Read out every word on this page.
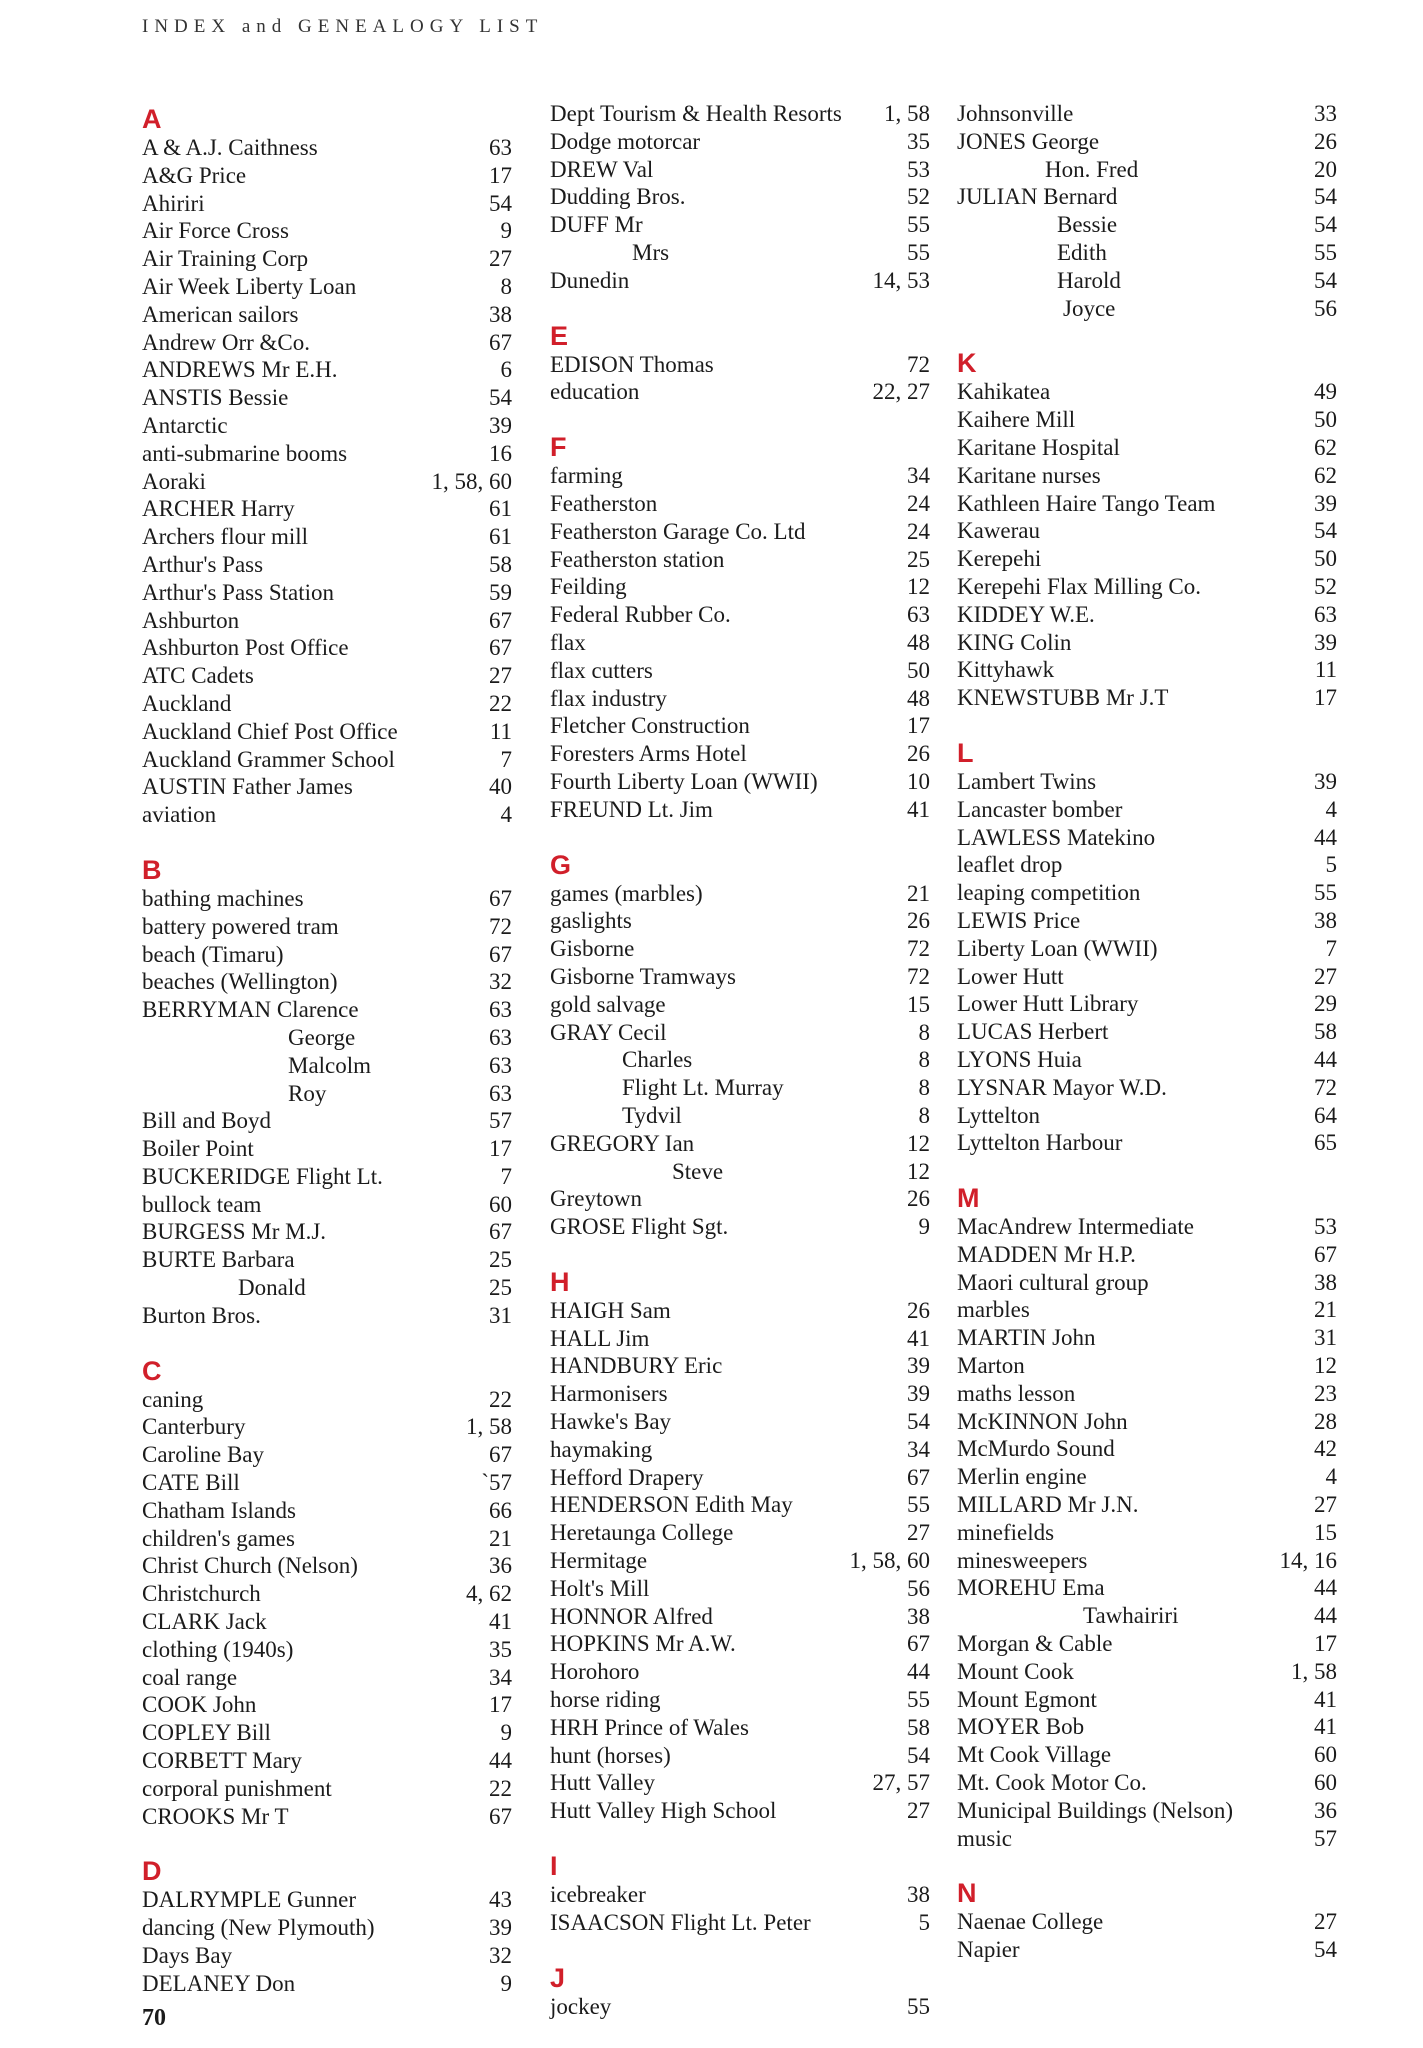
INDEX and GENEALOGY LIST
A
A & A.J. Caithness	63
A&G Price	17
Ahiriri	54
Air Force Cross	9
Air Training Corp	27
Air Week Liberty Loan	8
American sailors	38
Andrew Orr &Co.	67
ANDREWS Mr E.H.	6
ANSTIS Bessie	54
Antarctic	39
anti-submarine booms	16
Aoraki	1, 58, 60
ARCHER Harry	61
Archers flour mill	61
Arthur's Pass	58
Arthur's Pass Station	59
Ashburton	67
Ashburton Post Office	67
ATC Cadets	27
Auckland	22
Auckland Chief Post Office	11
Auckland Grammer School	7
AUSTIN Father James	40
aviation	4
B
bathing machines	67
battery powered tram	72
beach (Timaru)	67
beaches (Wellington)	32
BERRYMAN Clarence	63
George	63
Malcolm	63
Roy	63
Bill and Boyd	57
Boiler Point	17
BUCKERIDGE Flight Lt.	7
bullock team	60
BURGESS Mr M.J.	67
BURTE Barbara	25
Donald	25
Burton Bros.	31
C
caning	22
Canterbury	1, 58
Caroline Bay	67
CATE Bill	`57
Chatham Islands	66
children's games	21
Christ Church (Nelson)	36
Christchurch	4, 62
CLARK Jack	41
clothing (1940s)	35
coal range	34
COOK John	17
COPLEY Bill	9
CORBETT Mary	44
corporal punishment	22
CROOKS Mr T	67
D
DALRYMPLE Gunner	43
dancing (New Plymouth)	39
Days Bay	32
DELANEY Don	9
Dept Tourism & Health Resorts 1, 58
Dodge motorcar	35
DREW Val	53
Dudding Bros.	52
DUFF Mr	55
Mrs	55
Dunedin	14, 53
E
EDISON Thomas	72
education	22, 27
F
farming	34
Featherston	24
Featherston Garage Co. Ltd	24
Featherston station	25
Feilding	12
Federal Rubber Co.	63
flax	48
flax cutters	50
flax industry	48
Fletcher Construction	17
Foresters Arms Hotel	26
Fourth Liberty Loan (WWII)	10
FREUND Lt. Jim	41
G
games (marbles)	21
gaslights	26
Gisborne	72
Gisborne Tramways	72
gold salvage	15
GRAY Cecil	8
Charles	8
Flight Lt. Murray	8
Tydvil	8
GREGORY Ian	12
Steve	12
Greytown	26
GROSE Flight Sgt.	9
H
HAIGH Sam	26
HALL Jim	41
HANDBURY Eric	39
Harmonisers	39
Hawke's Bay	54
haymaking	34
Hefford Drapery	67
HENDERSON Edith May	55
Heretaunga College	27
Hermitage	1, 58, 60
Holt's Mill	56
HONNOR Alfred	38
HOPKINS Mr A.W.	67
Horohoro	44
horse riding	55
HRH Prince of Wales	58
hunt (horses)	54
Hutt Valley	27, 57
Hutt Valley High School	27
I
icebreaker	38
ISAACSON Flight Lt. Peter	5
J
jockey	55
Johnsonville	33
JONES George	26
Hon. Fred	20
JULIAN Bernard	54
Bessie	54
Edith	55
Harold	54
Joyce	56
K
Kahikatea	49
Kaihere Mill	50
Karitane Hospital	62
Karitane nurses	62
Kathleen Haire Tango Team	39
Kawerau	54
Kerepehi	50
Kerepehi Flax Milling Co.	52
KIDDEY W.E.	63
KING Colin	39
Kittyhawk	11
KNEWSTUBB Mr J.T	17
L
Lambert Twins	39
Lancaster bomber	4
LAWLESS Matekino	44
leaflet drop	5
leaping competition	55
LEWIS Price	38
Liberty Loan (WWII)	7
Lower Hutt	27
Lower Hutt Library	29
LUCAS Herbert	58
LYONS Huia	44
LYSNAR Mayor W.D.	72
Lyttelton	64
Lyttelton Harbour	65
M
MacAndrew Intermediate	53
MADDEN Mr H.P.	67
Maori cultural group	38
marbles	21
MARTIN John	31
Marton	12
maths lesson	23
McKINNON John	28
McMurdo Sound	42
Merlin engine	4
MILLARD Mr J.N.	27
minefields	15
minesweepers	14, 16
MOREHU Ema	44
Tawhairiri	44
Morgan & Cable	17
Mount Cook	1, 58
Mount Egmont	41
MOYER Bob	41
Mt Cook Village	60
Mt. Cook Motor Co.	60
Municipal Buildings (Nelson)	36
music	57
N
Naenae College	27
Napier	54
70
